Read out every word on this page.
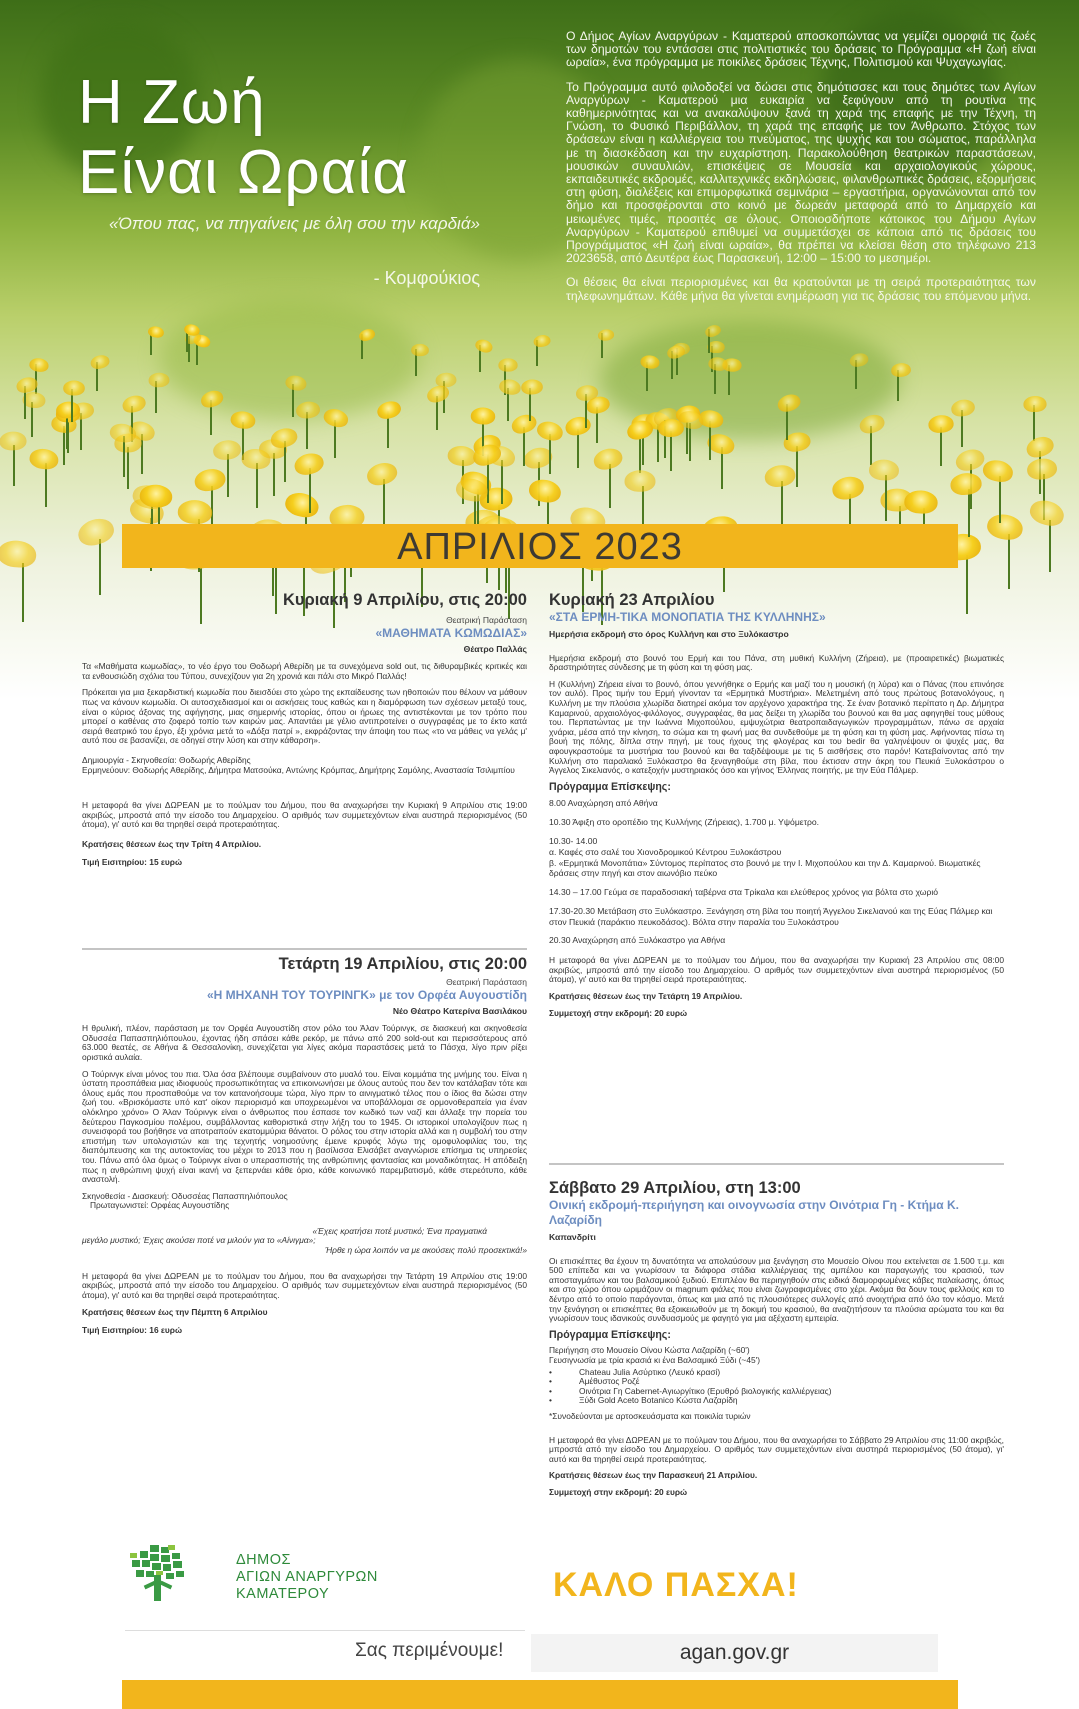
Η Ζωή
Είναι Ωραία
«Όπου πας, να πηγαίνεις με όλη σου την καρδιά»
- Κομφούκιος

Ο Δήμος Αγίων Αναργύρων - Καματερού αποσκοπώντας να γεμίζει ομορφιά τις ζωές των δημοτών του εντάσσει στις πολιτιστικές του δράσεις το Πρόγραμμα «Η ζωή είναι ωραία», ένα πρόγραμμα με ποικίλες δράσεις Τέχνης, Πολιτισμού και Ψυχαγωγίας.

Το Πρόγραμμα αυτό φιλοδοξεί να δώσει στις δημότισσες και τους δημότες των Αγίων Αναργύρων - Καματερού μια ευκαιρία να ξεφύγουν από τη ρουτίνα της καθημερινότητας και να ανακαλύψουν ξανά τη χαρά της επαφής με την Τέχνη, τη Γνώση, το Φυσικό Περιβάλλον, τη χαρά της επαφής με τον Άνθρωπο. Στόχος των δράσεων είναι η καλλιέργεια του πνεύματος, της ψυχής και του σώματος, παράλληλα με τη διασκέδαση και την ευχαρίστηση. Παρακολούθηση θεατρικών παραστάσεων, μουσικών συναυλιών, επισκέψεις σε Μουσεία και αρχαιολογικούς χώρους, εκπαιδευτικές εκδρομές, καλλιτεχνικές εκδηλώσεις, φιλανθρωπικές δράσεις, εξορμήσεις στη φύση, διαλέξεις και επιμορφωτικά σεμινάρια – εργαστήρια, οργανώνονται από τον δήμο και προσφέρονται στο κοινό με δωρεάν μεταφορά από το Δημαρχείο και μειωμένες τιμές, προσιτές σε όλους. Οποιοσδήποτε κάτοικος του Δήμου Αγίων Αναργύρων - Καματερού επιθυμεί να συμμετάσχει σε κάποια από τις δράσεις του Προγράμματος «Η ζωή είναι ωραία», θα πρέπει να κλείσει θέση στο τηλέφωνο 213 2023658, από Δευτέρα έως Παρασκευή, 12:00 – 15:00 το μεσημέρι.

Οι θέσεις θα είναι περιορισμένες και θα κρατούνται με τη σειρά προτεραιότητας των τηλεφωνημάτων. Κάθε μήνα θα γίνεται ενημέρωση για τις δράσεις του επόμενου μήνα.

ΑΠΡΙΛΙΟΣ 2023
Κυριακή 9 Απριλίου, στις 20:00
Θεατρική Παράσταση
«ΜΑΘΗΜΑΤΑ ΚΩΜΩΔΙΑΣ»
Θέατρο Παλλάς

Τα «Μαθήματα κωμωδίας», το νέο έργο του Θοδωρή Αθερίδη με τα συνεχόμενα sold out, τις διθυραμβικές κριτικές και τα ενθουσιώδη σχόλια του Τύπου, συνεχίζουν για 2η χρονιά και πάλι στο Μικρό Παλλάς!

Πρόκειται για μια ξεκαρδιστική κωμωδία που διεισδύει στο χώρο της εκπαίδευσης των ηθοποιών που θέλουν να μάθουν πως να κάνουν κωμωδία. Οι αυτοσχεδιασμοί και οι ασκήσεις τους καθώς και η διαμόρφωση των σχέσεων μεταξύ τους, είναι ο κύριος άξονας της αφήγησης, μιας σημερινής ιστορίας, όπου οι ήρωες της αντιστέκονται με τον τρόπο που μπορεί ο καθένας στο ζοφερό τοπίο των καιρών μας. Απαντάει με γέλιο αντιπροτείνει ο συγγραφέας με το έκτο κατά σειρά θεατρικό του έργο, έξι χρόνια μετά το «Δόξα πατρί », εκφράζοντας την άποψη του πως «το να μάθεις να γελάς μ' αυτό που σε βασανίζει, σε οδηγεί στην λύση και στην κάθαρση».

Δημιουργία - Σκηνοθεσία: Θοδωρής Αθερίδης
Ερμηνεύουν: Θοδωρής Αθερίδης, Δήμητρα Ματσούκα, Αντώνης Κρόμπας, Δημήτρης Σαμόλης, Αναστασία Τσιλιμπίου

Η μεταφορά θα γίνει ΔΩΡΕΑΝ με το πούλμαν του Δήμου, που θα αναχωρήσει την Κυριακή 9 Απριλίου στις 19:00 ακριβώς, μπροστά από την είσοδο του Δημαρχείου. Ο αριθμός των συμμετεχόντων είναι αυστηρά περιορισμένος (50 άτομα), γι' αυτό και θα τηρηθεί σειρά προτεραιότητας.

Κρατήσεις θέσεων έως την Τρίτη 4 Απριλίου.

Τιμή Εισιτηρίου: 15 ευρώ

Τετάρτη 19 Απριλίου, στις 20:00
Θεατρική Παράσταση
«Η ΜΗΧΑΝΗ ΤΟΥ ΤΟΥΡΙΝΓΚ» με τον Ορφέα Αυγουστίδη
Νέο Θέατρο Κατερίνα Βασιλάκου

Η θρυλική, πλέον, παράσταση με τον Ορφέα Αυγουστίδη στον ρόλο του Άλαν Τούρινγκ, σε διασκευή και σκηνοθεσία Οδυσσέα Παπασπηλιόπουλου, έχοντας ήδη σπάσει κάθε ρεκόρ, με πάνω από 200 sold-out και περισσότερους από 63.000 θεατές, σε Αθήνα & Θεσσαλονίκη, συνεχίζεται για λίγες ακόμα παραστάσεις μετά το Πάσχα, λίγο πριν ρίξει οριστικά αυλαία.

Ο Τούρινγκ είναι μόνος του πια. Όλα όσα βλέπουμε συμβαίνουν στο μυαλό του. Είναι κομμάτια της μνήμης του. Είναι η ύστατη προσπάθεια μιας ιδιοφυούς προσωπικότητας να επικοινωνήσει με όλους αυτούς που δεν τον κατάλαβαν τότε και όλους εμάς που προσπαθούμε να τον κατανοήσουμε τώρα, λίγο πριν το αινιγματικό τέλος που ο ίδιος θα δώσει στην ζωή του. «Βρισκόμαστε υπό κατ' οίκον περιορισμό και υποχρεωμένοι να υποβάλλομαι σε ορμονοθεραπεία για έναν ολόκληρο χρόνο» Ο Άλαν Τούρινγκ είναι ο άνθρωπος που έσπασε τον κωδικό των ναζί και άλλαξε την πορεία του δεύτερου Παγκοσμίου πολέμου, συμβάλλοντας καθοριστικά στην λήξη του το 1945. Οι ιστορικοί υπολογίζουν πως η συνεισφορά του βοήθησε να αποτραπούν εκατομμύρια θάνατοι. Ο ρόλος του στην ιστορία αλλά και η συμβολή του στην επιστήμη των υπολογιστών και της τεχνητής νοημοσύνης έμεινε κρυφός λόγω της ομοφυλοφιλίας του, της διαπόμπευσης και της αυτοκτονίας του μέχρι το 2013 που η βασίλισσα Ελισάβετ αναγνώρισε επίσημα τις υπηρεσίες του. Πάνω από όλα όμως ο Τούρινγκ είναι ο υπερασπιστής της ανθρώπινης φαντασίας και μοναδικότητας. Η απόδειξη πως η ανθρώπινη ψυχή είναι ικανή να ξεπερνάει κάθε όριο, κάθε κοινωνικό παρεμβατισμό, κάθε στερεότυπο, κάθε αναστολή.

Σκηνοθεσία - Διασκευή: Οδυσσέας Παπασπηλιόπουλος
Πρωταγωνιστεί: Ορφέας Αυγουστίδης
«Έχεις κρατήσει ποτέ μυστικό; Ένα πραγματικά
μεγάλο μυστικό; Έχεις ακούσει ποτέ να μιλούν για το «Αίνιγμα»;
Ήρθε η ώρα λοιπόν να με ακούσεις πολύ προσεκτικά!»

Η μεταφορά θα γίνει ΔΩΡΕΑΝ με το πούλμαν του Δήμου, που θα αναχωρήσει την Τετάρτη 19 Απριλίου στις 19:00 ακριβώς, μπροστά από την είσοδο του Δημαρχείου. Ο αριθμός των συμμετεχόντων είναι αυστηρά περιορισμένος (50 άτομα), γι' αυτό και θα τηρηθεί σειρά προτεραιότητας.

Κρατήσεις θέσεων έως την Πέμπτη 6 Απριλίου

Τιμή Εισιτηρίου: 16 ευρώ

Κυριακή 23 Απριλίου
«ΣΤΑ ΕΡΜΗ-ΤΙΚΑ ΜΟΝΟΠΑΤΙΑ ΤΗΣ ΚΥΛΛΗΝΗΣ»
Ημερήσια εκδρομή στο όρος Κυλλήνη και στο Ξυλόκαστρο

Ημερήσια εκδρομή στο βουνό του Ερμή και του Πάνα, στη μυθική Κυλλήνη (Ζήρεια), με (προαιρετικές) βιωματικές δραστηριότητες σύνδεσης με τη φύση και τη φύση μας.

Η (Κυλλήνη) Ζήρεια είναι το βουνό, όπου γεννήθηκε ο Ερμής και μαζί του η μουσική (η λύρα) και ο Πάνας (που επινόησε τον αυλό). Προς τιμήν του Ερμή γίνονταν τα «Ερμητικά Μυστήρια». Μελετημένη από τους πρώτους βοτανολόγους, η Κυλλήνη με την πλούσια χλωρίδα διατηρεί ακόμα τον αρχέγονο χαρακτήρα της. Σε έναν βοτανικό περίπατο η Δρ. Δήμητρα Καμαρινού, αρχαιολόγος-φιλόλογος, συγγραφέας, θα μας δείξει τη χλωρίδα του βουνού και θα μας αφηγηθεί τους μύθους του. Περπατώντας με την Ιωάννα Μιχοπούλου, εμψυχώτρια θεατροπαιδαγωγικών προγραμμάτων, πάνω σε αρχαία χνάρια, μέσα από την κίνηση, το σώμα και τη φωνή μας θα συνδεθούμε με τη φύση και τη φύση μας. Αφήνοντας πίσω τη βουή της πόλης, δίπλα στην πηγή, με τους ήχους της φλογέρας και του bedir θα γαληνέψουν οι ψυχές μας, θα αφουγκραστούμε τα μυστήρια του βουνού και θα ταξιδέψουμε με τις 5 αισθήσεις στο παρόν! Κατεβαίνοντας από την Κυλλήνη στο παραλιακό Ξυλόκαστρο θα ξεναγηθούμε στη βίλα, που έκτισαν στην άκρη του Πευκιά Ξυλοκάστρου ο Άγγελος Σικελιανός, ο κατεξοχήν μυστηριακός όσο και γήινος Έλληνας ποιητής, με την Εύα Πάλμερ.

Πρόγραμμα Επίσκεψης:

8.00 Αναχώρηση από Αθήνα

10.30 Άφιξη στο οροπέδιο της Κυλλήνης (Ζήρειας), 1.700 μ. Υψόμετρο.

10.30- 14.00
α. Καφές στο σαλέ του Χιονοδρομικού Κέντρου Ξυλοκάστρου
β. «Ερμητικά Μονοπάτια» Σύντομος περίπατος στο βουνό με την Ι. Μιχοπούλου και την Δ. Καμαρινού. Βιωματικές δράσεις στην πηγή και στον αιωνόβιο πεύκο

14.30 – 17.00 Γεύμα σε παραδοσιακή ταβέρνα στα Τρίκαλα και ελεύθερος χρόνος για βόλτα στο χωριό

17.30-20.30 Μετάβαση στο Ξυλόκαστρο. Ξενάγηση στη βίλα του ποιητή Άγγελου Σικελιανού και της Εύας Πάλμερ και στον Πευκιά (παράκτιο πευκοδάσος). Βόλτα στην παραλία του Ξυλοκάστρου

20.30 Αναχώρηση από Ξυλόκαστρο για Αθήνα

Η μεταφορά θα γίνει ΔΩΡΕΑΝ με το πούλμαν του Δήμου, που θα αναχωρήσει την Κυριακή 23 Απριλίου στις 08:00 ακριβώς, μπροστά από την είσοδο του Δημαρχείου. Ο αριθμός των συμμετεχόντων είναι αυστηρά περιορισμένος (50 άτομα), γι' αυτό και θα τηρηθεί σειρά προτεραιότητας.

Κρατήσεις θέσεων έως την Τετάρτη 19 Απριλίου.

Συμμετοχή στην εκδρομή: 20 ευρώ

Σάββατο 29 Απριλίου, στη 13:00
Οινική εκδρομή-περιήγηση και οινογνωσία στην Οινότρια Γη - Κτήμα Κ. Λαζαρίδη
Καπανδρίτι

Οι επισκέπτες θα έχουν τη δυνατότητα να απολαύσουν μια ξενάγηση στο Μουσείο Οίνου που εκτείνεται σε 1.500 τ.μ. και 500 επίπεδα και να γνωρίσουν τα διάφορα στάδια καλλιέργειας της αμπέλου και παραγωγής του κρασιού, των αποσταγμάτων και του βαλσαμικού ξυδιού. Επιπλέον θα περιηγηθούν στις ειδικά διαμορφωμένες κάβες παλαίωσης, όπως και στο χώρο όπου ωριμάζουν οι magnum φιάλες που είναι ζωγραφισμένες στο χέρι. Ακόμα θα δουν τους φελλούς και το δέντρο από το οποίο παράγονται, όπως και μια από τις πλουσιότερες συλλογές από ανοιχτήρια από όλο τον κόσμο. Μετά την ξενάγηση οι επισκέπτες θα εξοικειωθούν με τη δοκιμή του κρασιού, θα αναζητήσουν τα πλούσια αρώματα του και θα γνωρίσουν τους ιδανικούς συνδυασμούς με φαγητό για μια αξέχαστη εμπειρία.

Πρόγραμμα Επίσκεψης:
Περιήγηση στο Μουσείο Οίνου Κώστα Λαζαρίδη (~60')
Γευσιγνωσία με τρία κρασιά κι ένα Βαλσαμικό Ξύδι (~45')
•	Chateau Julia Ασύρτικο (Λευκό κρασί)
•	Αμέθυστος Ροζέ
•	Οινότρια Γη Cabernet-Αγιωργίτικο (Ερυθρό βιολογικής καλλιέργειας)
•	Ξύδι Gold Aceto Botanico Κώστα Λαζαρίδη

*Συνοδεύονται με αρτοσκευάσματα και ποικιλία τυριών

Η μεταφορά θα γίνει ΔΩΡΕΑΝ με το πούλμαν του Δήμου, που θα αναχωρήσει το Σάββατο 29 Απριλίου στις 11:00 ακριβώς, μπροστά από την είσοδο του Δημαρχείου. Ο αριθμός των συμμετεχόντων είναι αυστηρά περιορισμένος (50 άτομα), γι' αυτό και θα τηρηθεί σειρά προτεραιότητας.

Κρατήσεις θέσεων έως την Παρασκευή 21 Απριλίου.

Συμμετοχή στην εκδρομή: 20 ευρώ

ΔΗΜΟΣ
ΑΓΙΩΝ ΑΝΑΡΓΥΡΩΝ
ΚΑΜΑΤΕΡΟΥ
Σας περιμένουμε!
ΚΑΛΟ ΠΑΣΧΑ!
agan.gov.gr
